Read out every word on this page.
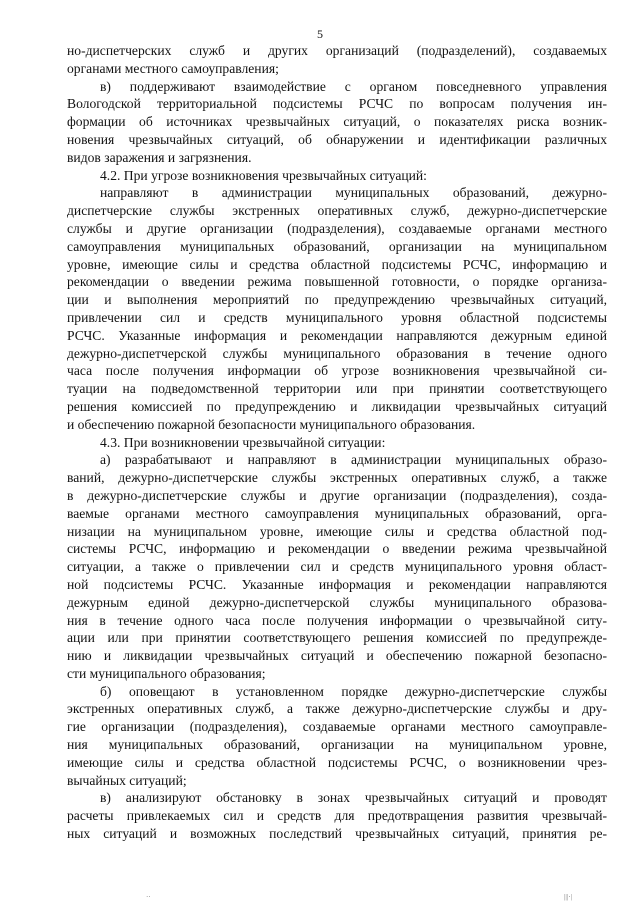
5
но-диспетчерских служб и других организаций (подразделений), создаваемых
органами местного самоуправления;
в) поддерживают взаимодействие с органом повседневного управления
Вологодской территориальной подсистемы РСЧС по вопросам получения ин-
формации об источниках чрезвычайных ситуаций, о показателях риска возник-
новения чрезвычайных ситуаций, об обнаружении и идентификации различных
видов заражения и загрязнения.
4.2. При угрозе возникновения чрезвычайных ситуаций:
направляют в администрации муниципальных образований, дежурно-
диспетчерские службы экстренных оперативных служб, дежурно-диспетчерские
службы и другие организации (подразделения), создаваемые органами местного
самоуправления муниципальных образований, организации на муниципальном
уровне, имеющие силы и средства областной подсистемы РСЧС, информацию и
рекомендации о введении режима повышенной готовности, о порядке организа-
ции и выполнения мероприятий по предупреждению чрезвычайных ситуаций,
привлечении сил и средств муниципального уровня областной подсистемы
РСЧС. Указанные информация и рекомендации направляются дежурным единой
дежурно-диспетчерской службы муниципального образования в течение одного
часа после получения информации об угрозе возникновения чрезвычайной си-
туации на подведомственной территории или при принятии соответствующего
решения комиссией по предупреждению и ликвидации чрезвычайных ситуаций
и обеспечению пожарной безопасности муниципального образования.
4.3. При возникновении чрезвычайной ситуации:
а) разрабатывают и направляют в администрации муниципальных образо-
ваний, дежурно-диспетчерские службы экстренных оперативных служб, а также
в дежурно-диспетчерские службы и другие организации (подразделения), созда-
ваемые органами местного самоуправления муниципальных образований, орга-
низации на муниципальном уровне, имеющие силы и средства областной под-
системы РСЧС, информацию и рекомендации о введении режима чрезвычайной
ситуации, а также о привлечении сил и средств муниципального уровня област-
ной подсистемы РСЧС. Указанные информация и рекомендации направляются
дежурным единой дежурно-диспетчерской службы муниципального образова-
ния в течение одного часа после получения информации о чрезвычайной ситу-
ации или при принятии соответствующего решения комиссией по предупрежде-
нию и ликвидации чрезвычайных ситуаций и обеспечению пожарной безопасно-
сти муниципального образования;
б) оповещают в установленном порядке дежурно-диспетчерские службы
экстренных оперативных служб, а также дежурно-диспетчерские службы и дру-
гие организации (подразделения), создаваемые органами местного самоуправле-
ния муниципальных образований, организации на муниципальном уровне,
имеющие силы и средства областной подсистемы РСЧС, о возникновении чрез-
вычайных ситуаций;
в) анализируют обстановку в зонах чрезвычайных ситуаций и проводят
расчеты привлекаемых сил и средств для предотвращения развития чрезвычай-
ных ситуаций и возможных последствий чрезвычайных ситуаций, принятия ре-
··	|||·|
